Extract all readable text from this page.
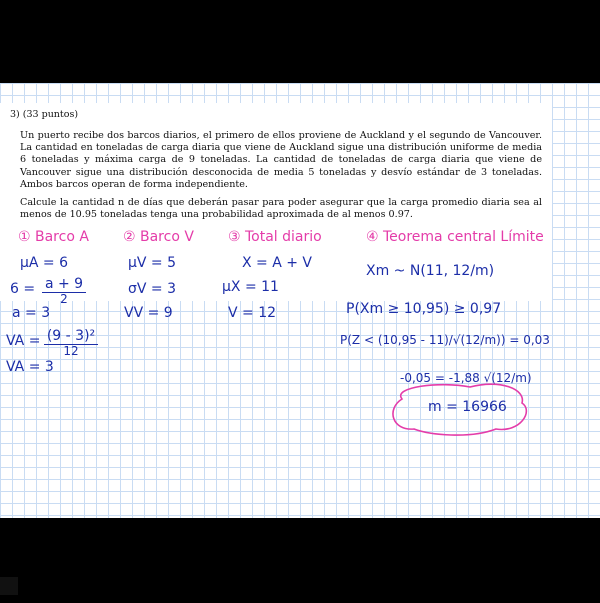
3) (33 puntos)

Un puerto recibe dos barcos diarios, el primero de ellos proviene de Auckland y el segundo de Vancouver. La cantidad en toneladas de carga diaria que viene de Auckland sigue una distribución uniforme de media 6 toneladas y máxima carga de 9 toneladas. La cantidad de toneladas de carga diaria que viene de Vancouver sigue una distribución desconocida de media 5 toneladas y desvío estándar de 3 toneladas. Ambos barcos operan de forma independiente.

Calcule la cantidad n de días que deberán pasar para poder asegurar que la carga promedio diaria sea al menos de 10.95 toneladas tenga una probabilidad aproximada de al menos 0.97.

① Barco A ② Barco V ③ Total diario	④ Teorema central Límite
μA = 6
$6 = \frac{a + 9}{2}$
a = 3
VA = $\frac{\text{(9 - 3)²}}{12}$
VA = 3
μV = 5
σV = 3
VV = 9
X = A + V
μX = 11
V = 12
Xm ~ N(11, 12/m)
P(Xm ≥ 10,95) ≥ 0,97
P(Z < (10,95 - 11)/√(12/m)) = 0,03
-0,05 = -1,88 √(12/m)
m = 16966
